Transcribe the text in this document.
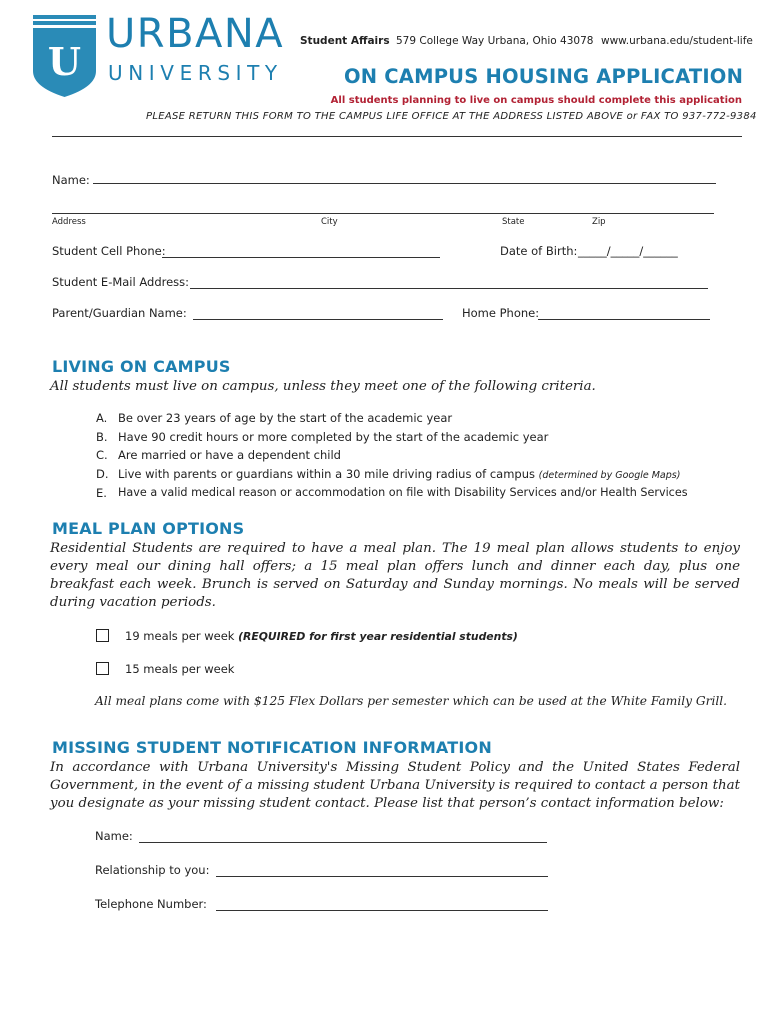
U
URBANA
UNIVERSITY
Student Affairs 579 College Way Urbana, Ohio 43078 www.urbana.edu/student-life
ON CAMPUS HOUSING APPLICATION
All students planning to live on campus should complete this application
PLEASE RETURN THIS FORM TO THE CAMPUS LIFE OFFICE AT THE ADDRESS LISTED ABOVE or FAX TO 937-772-9384
Name:
Address	City	State	Zip
Student Cell Phone:	Date of Birth: _____/_____/______
Student E-Mail Address:
Parent/Guardian Name:	Home Phone:
LIVING ON CAMPUS
All students must live on campus, unless they meet one of the following criteria.
A. Be over 23 years of age by the start of the academic year
B. Have 90 credit hours or more completed by the start of the academic year
C. Are married or have a dependent child
D. Live with parents or guardians within a 30 mile driving radius of campus (determined by Google Maps)
E. Have a valid medical reason or accommodation on file with Disability Services and/or Health Services
MEAL PLAN OPTIONS
Residential Students are required to have a meal plan. The 19 meal plan allows students to enjoy every meal our dining hall offers; a 15 meal plan offers lunch and dinner each day, plus one breakfast each week. Brunch is served on Saturday and Sunday mornings. No meals will be served during vacation periods.
19 meals per week (REQUIRED for first year residential students)
15 meals per week
All meal plans come with $125 Flex Dollars per semester which can be used at the White Family Grill.
MISSING STUDENT NOTIFICATION INFORMATION
In accordance with Urbana University's Missing Student Policy and the United States Federal Government, in the event of a missing student Urbana University is required to contact a person that you designate as your missing student contact. Please list that person’s contact information below:
Name:
Relationship to you:
Telephone Number:
